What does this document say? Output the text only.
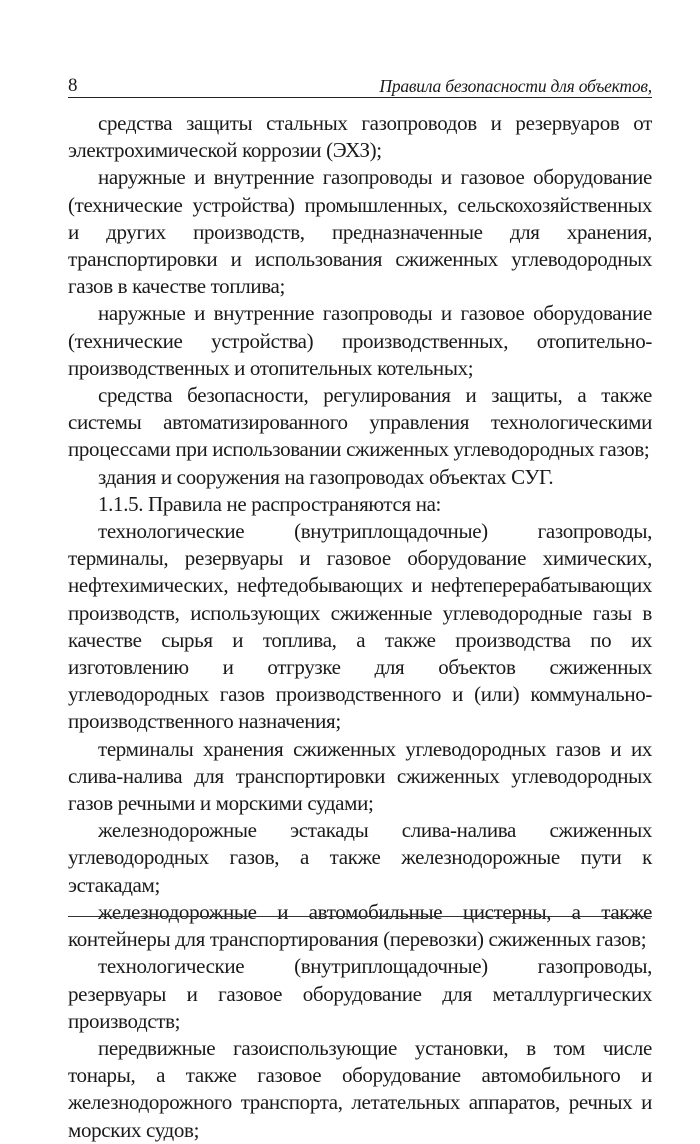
8	Правила безопасности для объектов,

средства защиты стальных газопроводов и резервуаров от электрохимической коррозии (ЭХЗ);

наружные и внутренние газопроводы и газовое оборудование (технические устройства) промышленных, сельскохозяйственных и других производств, предназначенные для хранения, транспортировки и использования сжиженных углеводородных газов в качестве топлива;

наружные и внутренние газопроводы и газовое оборудование (технические устройства) производственных, отопительно-производственных и отопительных котельных;

средства безопасности, регулирования и защиты, а также системы автоматизированного управления технологическими процессами при использовании сжиженных углеводородных газов;

здания и сооружения на газопроводах объектах СУГ.

1.1.5. Правила не распространяются на:

технологические (внутриплощадочные) газопроводы, терминалы, резервуары и газовое оборудование химических, нефтехимических, нефтедобывающих и нефтеперерабатывающих производств, использующих сжиженные углеводородные газы в качестве сырья и топлива, а также производства по их изготовлению и отгрузке для объектов сжиженных углеводородных газов производственного и (или) коммунально-производственного назначения;

терминалы хранения сжиженных углеводородных газов и их слива-налива для транспортировки сжиженных углеводородных газов речными и морскими судами;

железнодорожные эстакады слива-налива сжиженных углеводородных газов, а также железнодорожные пути к эстакадам;

железнодорожные и автомобильные цистерны, а также контейнеры для транспортирования (перевозки) сжиженных газов;

технологические (внутриплощадочные) газопроводы, резервуары и газовое оборудование для металлургических производств;

передвижные газоиспользующие установки, в том числе тонары, а также газовое оборудование автомобильного и железнодорожного транспорта, летательных аппаратов, речных и морских судов;
